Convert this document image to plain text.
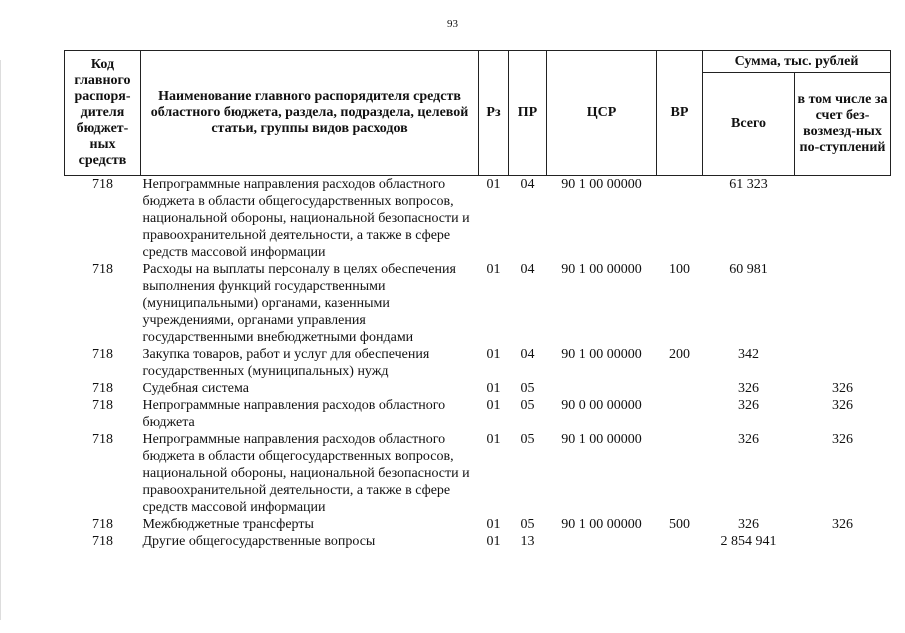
93
Код главного распоря-дителя бюджет-ных средств	Наименование главного распорядителя средств областного бюджета, раздела, подраздела, целевой статьи, группы видов расходов	Рз	ПР	ЦСР	ВР	Сумма, тыс. рублей	
						Всего	в том числе за счет без-возмезд-ных по-ступлений
718	Непрограммные направления расходов областного бюджета в области общегосударственных вопросов, национальной обороны, национальной безопасности и правоохранительной деятельности, а также в сфере средств массовой информации	01	04	90 1 00 00000		61 323	
718	Расходы на выплаты персоналу в целях обеспечения выполнения функций государственными (муниципальными) органами, казенными учреждениями, органами управления государственными внебюджетными фондами	01	04	90 1 00 00000	100	60 981	
718	Закупка товаров, работ и услуг для обеспечения государственных (муниципальных) нужд	01	04	90 1 00 00000	200	342	
718	Судебная система	01	05			326	326
718	Непрограммные направления расходов областного бюджета	01	05	90 0 00 00000		326	326
718	Непрограммные направления расходов областного бюджета в области общегосударственных вопросов, национальной обороны, национальной безопасности и правоохранительной деятельности, а также в сфере средств массовой информации	01	05	90 1 00 00000		326	326
718	Межбюджетные трансферты	01	05	90 1 00 00000	500	326	326
718	Другие общегосударственные вопросы	01	13			2 854 941	
